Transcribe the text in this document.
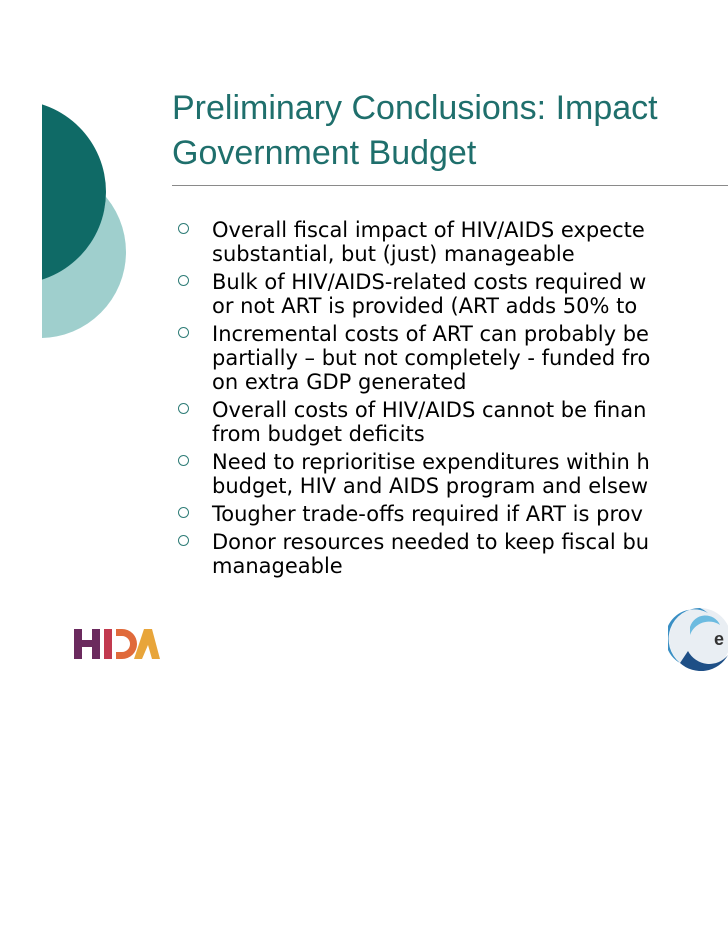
Preliminary Conclusions: Impact
Government Budget
Overall fiscal impact of HIV/AIDS expecte
substantial, but (just) manageable
Bulk of HIV/AIDS-related costs required w
or not ART is provided (ART adds 50% to
Incremental costs of ART can probably be
partially – but not completely - funded fro
on extra GDP generated
Overall costs of HIV/AIDS cannot be finan
from budget deficits
Need to reprioritise expenditures within h
budget, HIV and AIDS program and elsew
Tougher trade-offs required if ART is prov
Donor resources needed to keep fiscal bu
manageable
e
